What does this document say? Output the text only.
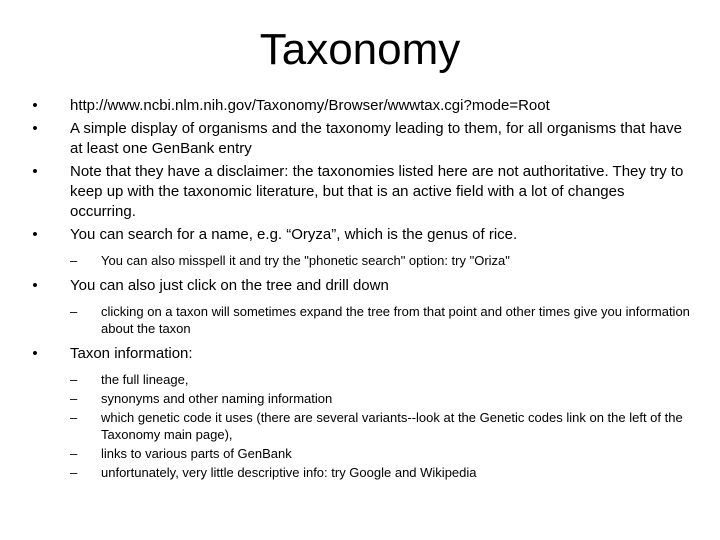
Taxonomy
• http://www.ncbi.nlm.nih.gov/Taxonomy/Browser/wwwtax.cgi?mode=Root
• A simple display of organisms and the taxonomy leading to them, for all organisms that have at least one GenBank entry
• Note that they have a disclaimer: the taxonomies listed here are not authoritative. They try to keep up with the taxonomic literature, but that is an active field with a lot of changes occurring.
• You can search for a name, e.g. “Oryza”, which is the genus of rice.
– You can also misspell it and try the "phonetic search" option: try "Oriza"
• You can also just click on the tree and drill down
– clicking on a taxon will sometimes expand the tree from that point and other times give you information about the taxon
• Taxon information:
– the full lineage,
– synonyms and other naming information
– which genetic code it uses (there are several variants--look at the Genetic codes link on the left of the Taxonomy main page),
– links to various parts of GenBank
– unfortunately, very little descriptive info: try Google and Wikipedia
